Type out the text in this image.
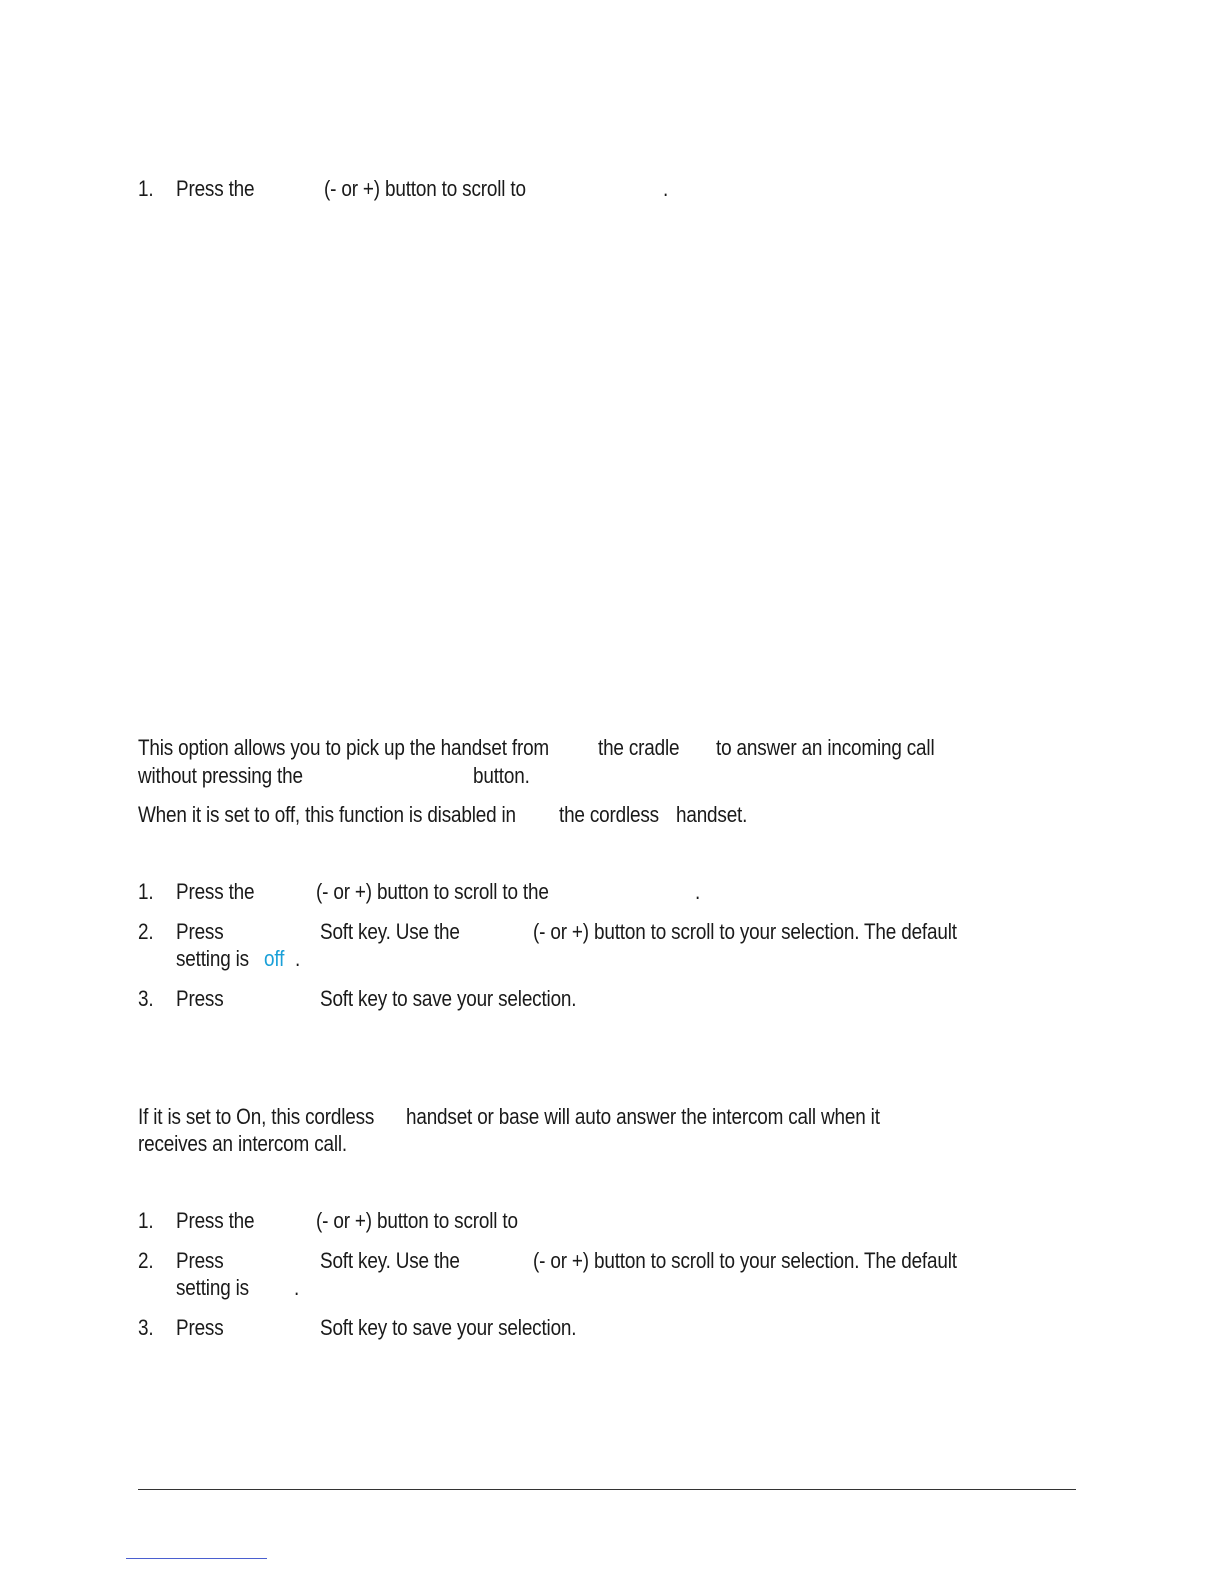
1. Press the	(- or +) button to scroll to	.
This option allows you to pick up the handset from the cradle to answer an incoming call
without pressing the	button.
When it is set to off, this function is disabled in the cordless handset.
1. Press the	(- or +) button to scroll to the	.
2. Press	Soft key. Use the	(- or +) button to scroll to your selection. The default
setting is off .
3. Press	Soft key to save your selection.
If it is set to On, this cordless handset or base will auto answer the intercom call when it
receives an intercom call.
1. Press the	(- or +) button to scroll to
2. Press	Soft key. Use the	(- or +) button to scroll to your selection. The default
setting is .
3. Press	Soft key to save your selection.
